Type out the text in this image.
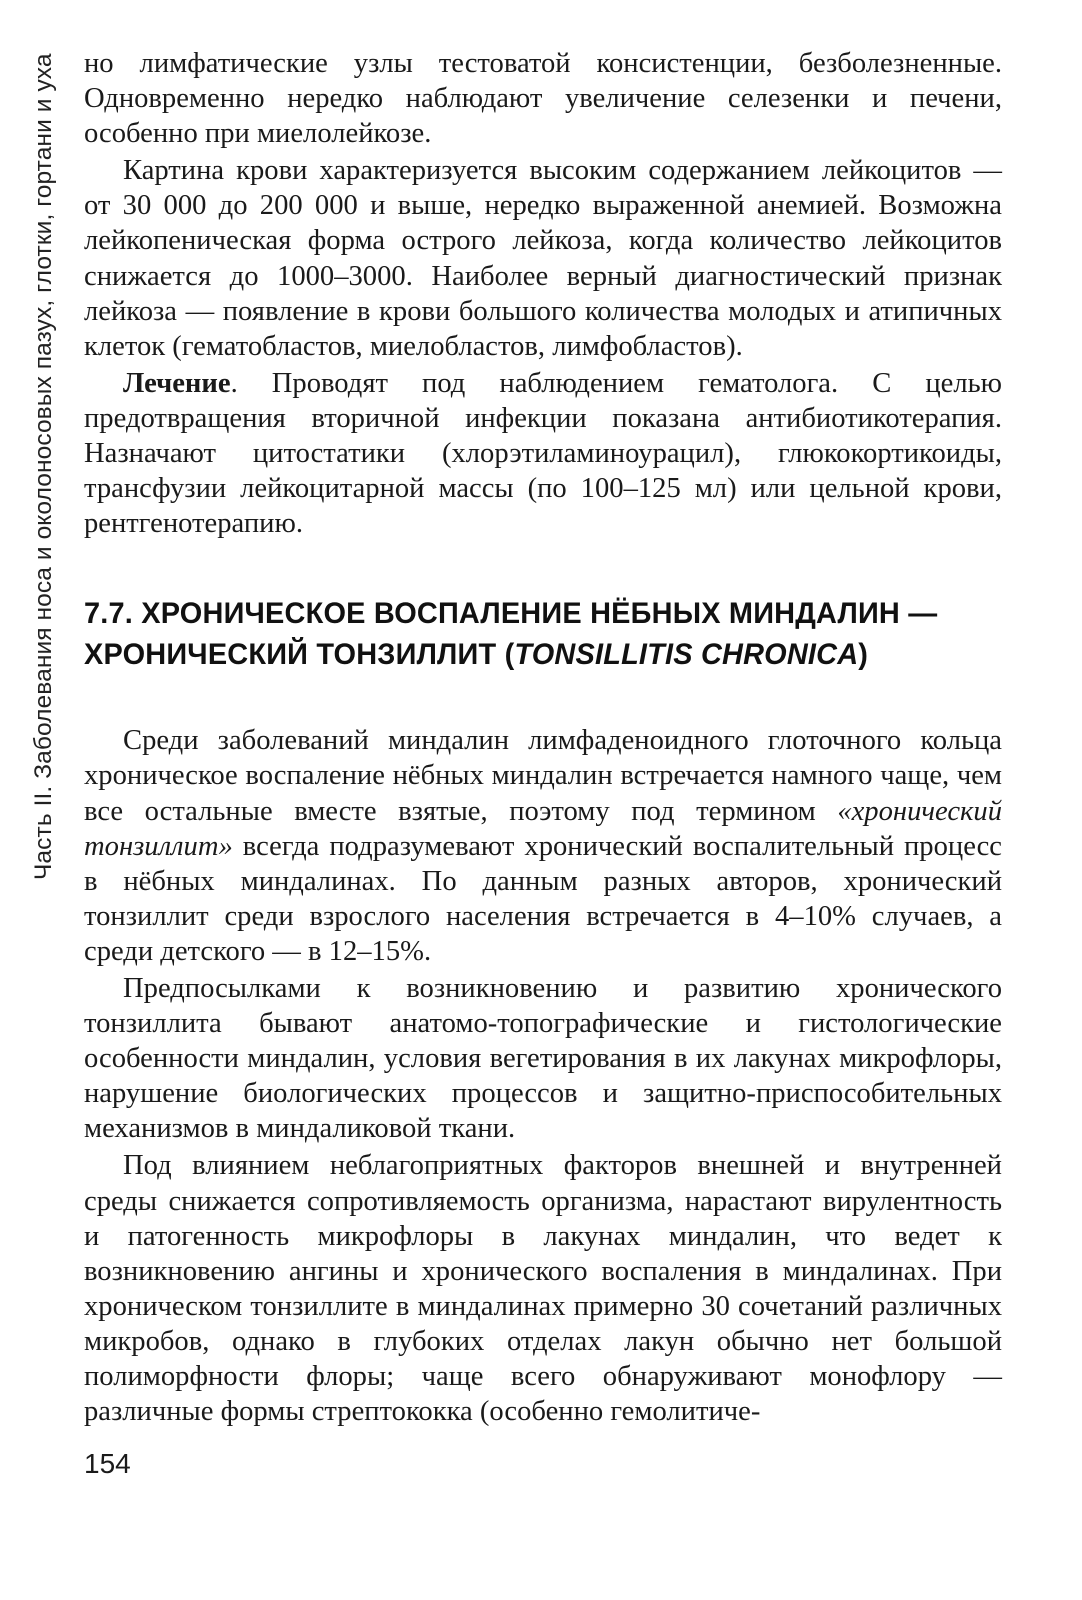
Часть II. Заболевания носа и околоносовых пазух, глотки, гортани и уха но лимфатические узлы тестоватой консистенции, безболезненные. Одновременно нередко наблюдают увеличение селезенки и печени, особенно при миелолейкозе.

Картина крови характеризуется высоким содержанием лейкоцитов — от 30 000 до 200 000 и выше, нередко выраженной анемией. Возможна лейкопеническая форма острого лейкоза, когда количество лейкоцитов снижается до 1000–3000. Наиболее верный диагностический признак лейкоза — появление в крови большого количества молодых и атипичных клеток (гематобластов, миелобластов, лимфобластов).

Лечение. Проводят под наблюдением гематолога. С целью предотвращения вторичной инфекции показана антибиотикотерапия. Назначают цитостатики (хлорэтиламиноурацил), глюкокортикоиды, трансфузии лейкоцитарной массы (по 100–125 мл) или цельной крови, рентгенотерапию.

7.7. ХРОНИЧЕСКОЕ ВОСПАЛЕНИЕ НЁБНЫХ МИНДАЛИН —
ХРОНИЧЕСКИЙ ТОНЗИЛЛИТ (TONSILLITIS CHRONICA)

Среди заболеваний миндалин лимфаденоидного глоточного кольца хроническое воспаление нёбных миндалин встречается намного чаще, чем все остальные вместе взятые, поэтому под термином «хронический тонзиллит» всегда подразумевают хронический воспалительный процесс в нёбных миндалинах. По данным разных авторов, хронический тонзиллит среди взрослого населения встречается в 4–10% случаев, а среди детского — в 12–15%.

Предпосылками к возникновению и развитию хронического тонзиллита бывают анатомо-топографические и гистологические особенности миндалин, условия вегетирования в их лакунах микрофлоры, нарушение биологических процессов и защитно-приспособительных механизмов в миндаликовой ткани.

Под влиянием неблагоприятных факторов внешней и внутренней среды снижается сопротивляемость организма, нарастают вирулентность и патогенность микрофлоры в лакунах миндалин, что ведет к возникновению ангины и хронического воспаления в миндалинах. При хроническом тонзиллите в миндалинах примерно 30 сочетаний различных микробов, однако в глубоких отделах лакун обычно нет большой полиморфности флоры; чаще всего обнаруживают монофлору — различные формы стрептококка (особенно гемолитиче-

154
